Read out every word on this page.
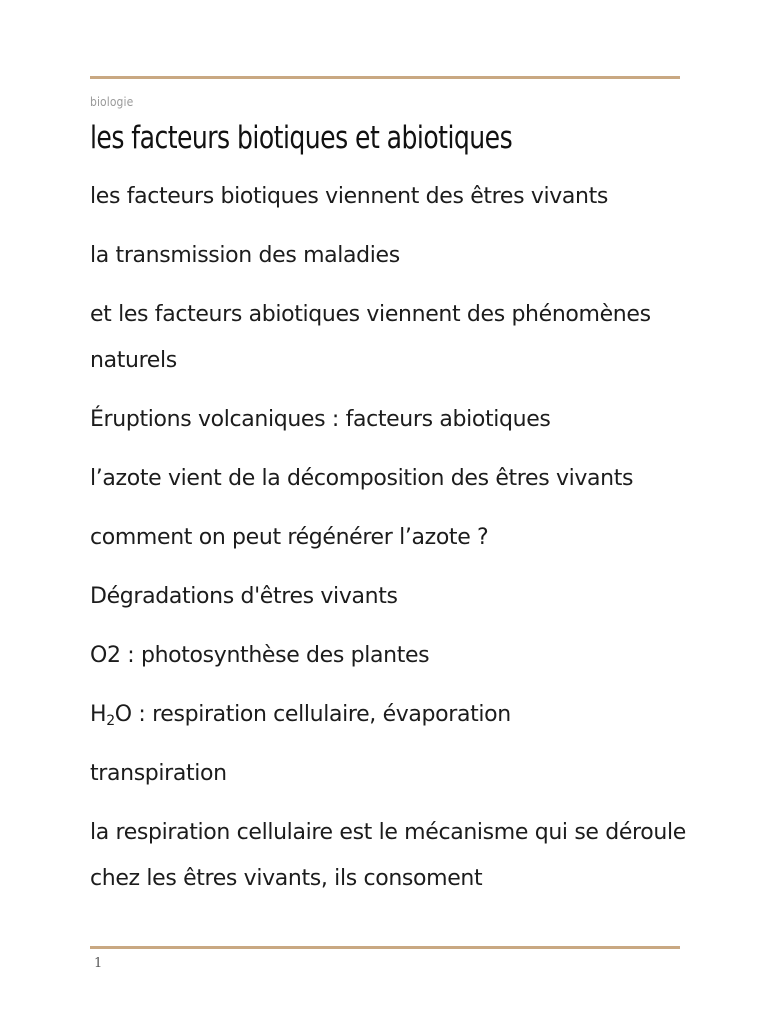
biologie
les facteurs biotiques et abiotiques

les facteurs biotiques viennent des êtres vivants

la transmission des maladies

et les facteurs abiotiques viennent des phénomènes naturels

Éruptions volcaniques : facteurs abiotiques

l’azote vient de la décomposition des êtres vivants

comment on peut régénérer l’azote ?

Dégradations d'êtres vivants

O2 : photosynthèse des plantes

$H_2O$ : respiration cellulaire, évaporation

transpiration

la respiration cellulaire est le mécanisme qui se déroule chez les êtres vivants, ils consoment

1
